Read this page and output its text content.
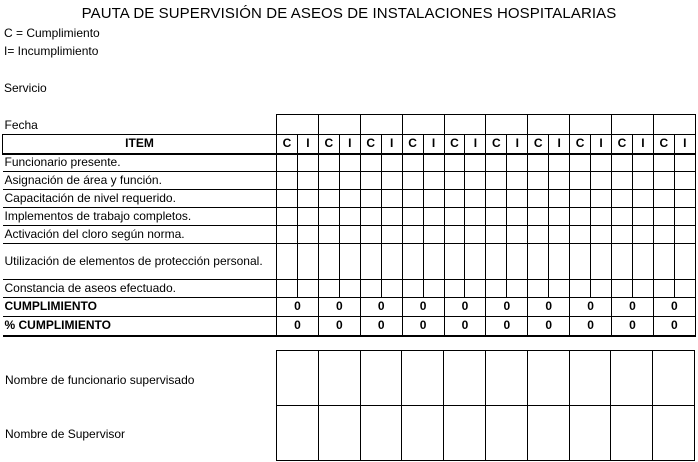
PAUTA DE SUPERVISIÓN DE ASEOS DE INSTALACIONES HOSPITALARIAS
C = Cumplimiento
I= Incumplimiento
Servicio
Fecha																				
ITEM	C	I	C	I	C	I	C	I	C	I	C	I	C	I	C	I	C	I	C	I
Funcionario presente.																				
Asignación de área y función.																				
Capacitación de nivel requerido.																				
Implementos de trabajo completos.																				
Activación del cloro según norma.																				
Utilización de elementos de protección personal.																				
Constancia de aseos efectuado.																				
CUMPLIMIENTO	0		0		0		0		0		0		0		0		0		0	
% CUMPLIMIENTO	0		0		0		0		0		0		0		0		0		0	
Nombre de funcionario supervisado
Nombre de Supervisor
